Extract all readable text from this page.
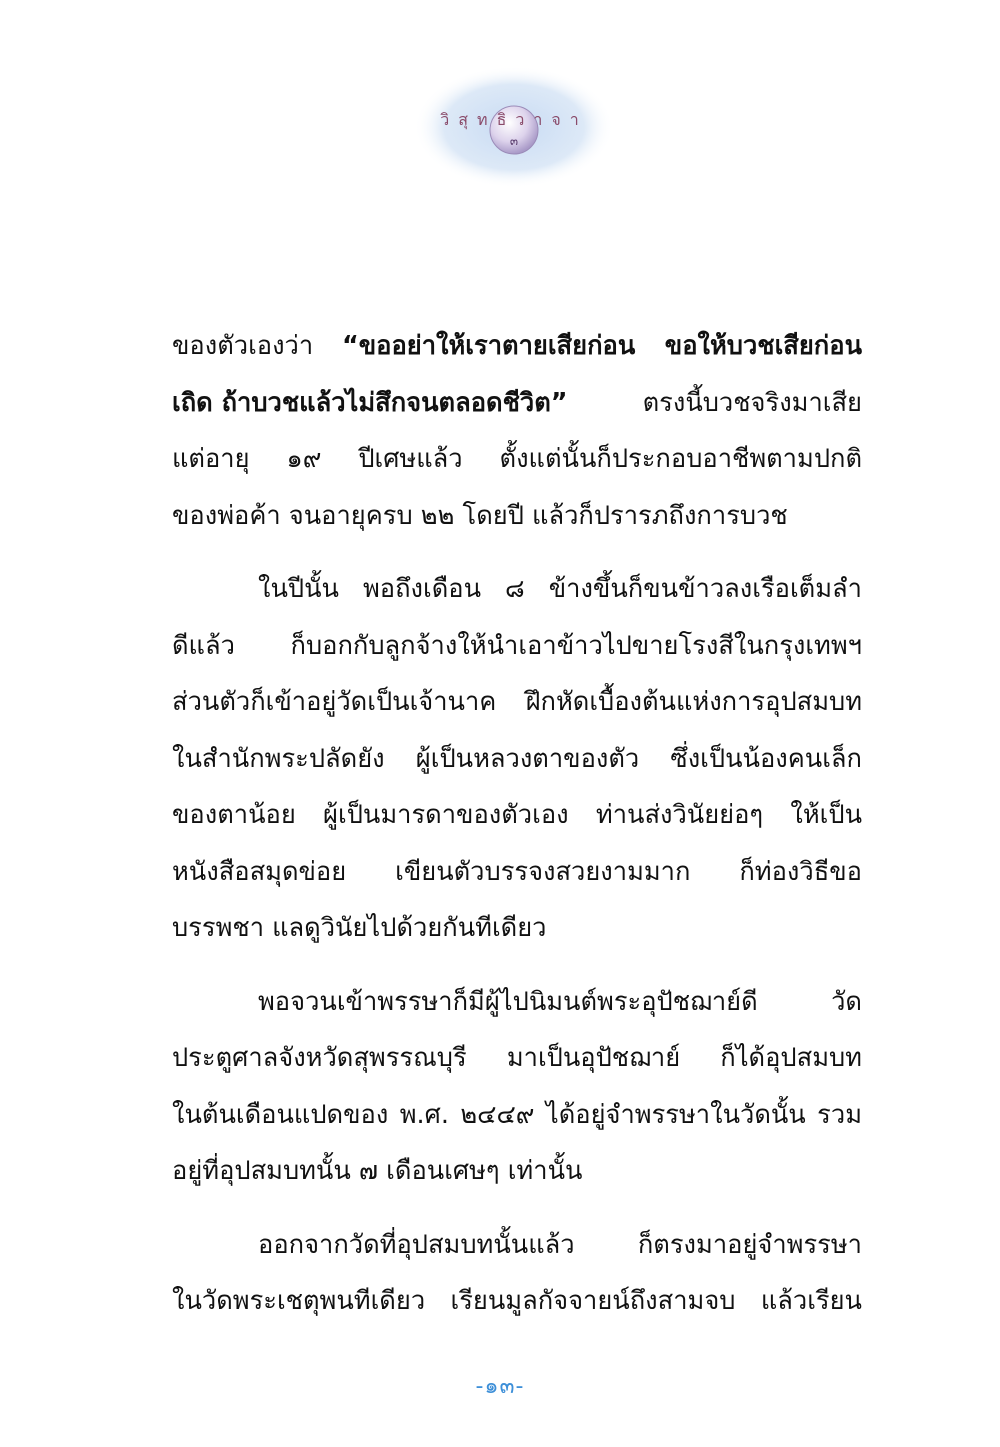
วิสุทธิวาจา
๓
ของตัวเองว่า “ขออย่าให้เราตายเสียก่อน ขอให้บวชเสียก่อน
เถิด ถ้าบวชแล้วไม่สึกจนตลอดชีวิต”	ตรงนี้บวชจริงมาเสีย
แต่อายุ ๑๙ ปีเศษแล้ว ตั้งแต่นั้นก็ประกอบอาชีพตามปกติ
ของพ่อค้า จนอายุครบ ๒๒ โดยปี แล้วก็ปรารภถึงการบวช
ในปีนั้น พอถึงเดือน ๘ ข้างขึ้นก็ขนข้าวลงเรือเต็มลำ
ดีแล้ว ก็บอกกับลูกจ้างให้นำเอาข้าวไปขายโรงสีในกรุงเทพฯ
ส่วนตัวก็เข้าอยู่วัดเป็นเจ้านาค ฝึกหัดเบื้องต้นแห่งการอุปสมบท
ในสำนักพระปลัดยัง ผู้เป็นหลวงตาของตัว ซึ่งเป็นน้องคนเล็ก
ของตาน้อย ผู้เป็นมารดาของตัวเอง ท่านส่งวินัยย่อๆ ให้เป็น
หนังสือสมุดข่อย เขียนตัวบรรจงสวยงามมาก ก็ท่องวิธีขอ
บรรพชา แลดูวินัยไปด้วยกันทีเดียว
พอจวนเข้าพรรษาก็มีผู้ไปนิมนต์พระอุปัชฌาย์ดี วัด
ประตูศาลจังหวัดสุพรรณบุรี มาเป็นอุปัชฌาย์ ก็ได้อุปสมบท
ในต้นเดือนแปดของ พ.ศ. ๒๔๔๙ ได้อยู่จำพรรษาในวัดนั้น รวม
อยู่ที่อุปสมบทนั้น ๗ เดือนเศษๆ เท่านั้น
ออกจากวัดที่อุปสมบทนั้นแล้ว ก็ตรงมาอยู่จำพรรษา
ในวัดพระเชตุพนทีเดียว เรียนมูลกัจจายน์ถึงสามจบ แล้วเรียน
-๑๓-
